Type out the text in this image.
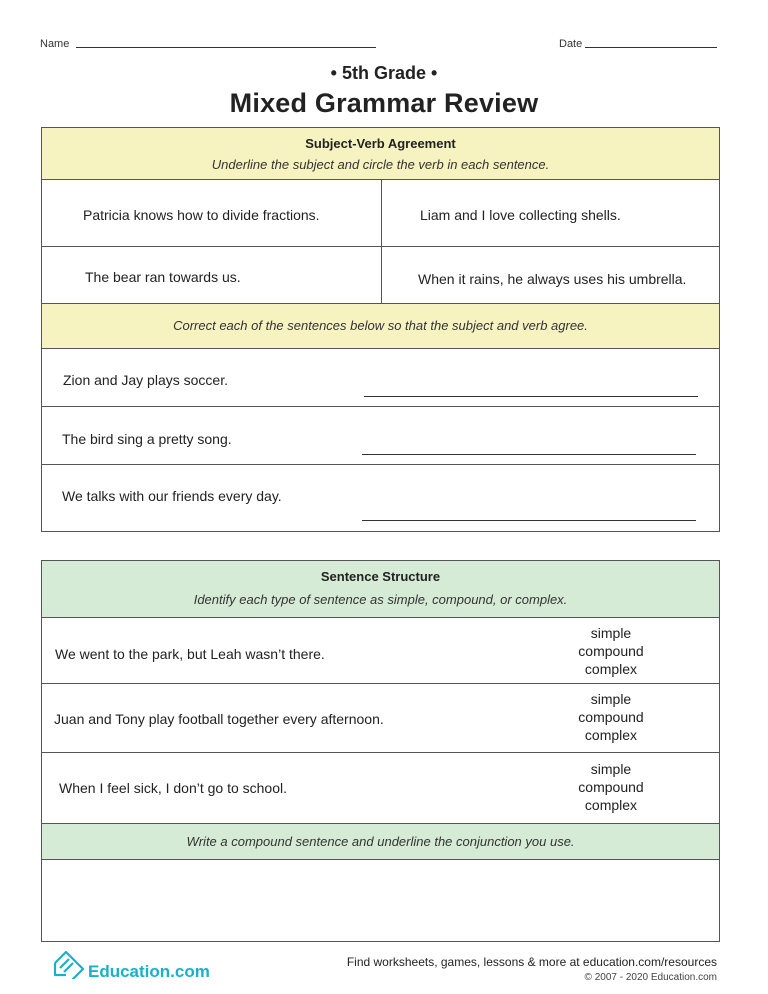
Name	Date
• 5th Grade •
Mixed Grammar Review
Subject-Verb Agreement
Underline the subject and circle the verb in each sentence.
Patricia knows how to divide fractions.	Liam and I love collecting shells.
The bear ran towards us.	When it rains, he always uses his umbrella.
Correct each of the sentences below so that the subject and verb agree.
Zion and Jay plays soccer.
The bird sing a pretty song.
We talks with our friends every day.
Sentence Structure
Identify each type of sentence as simple, compound, or complex.
We went to the park, but Leah wasn’t there.
simple
compound
complex
Juan and Tony play football together every afternoon.
simple
compound
complex
When I feel sick, I don’t go to school.
simple
compound
complex
Write a compound sentence and underline the conjunction you use.
Education.com	Find worksheets, games, lessons & more at education.com/resources
© 2007 - 2020 Education.com
